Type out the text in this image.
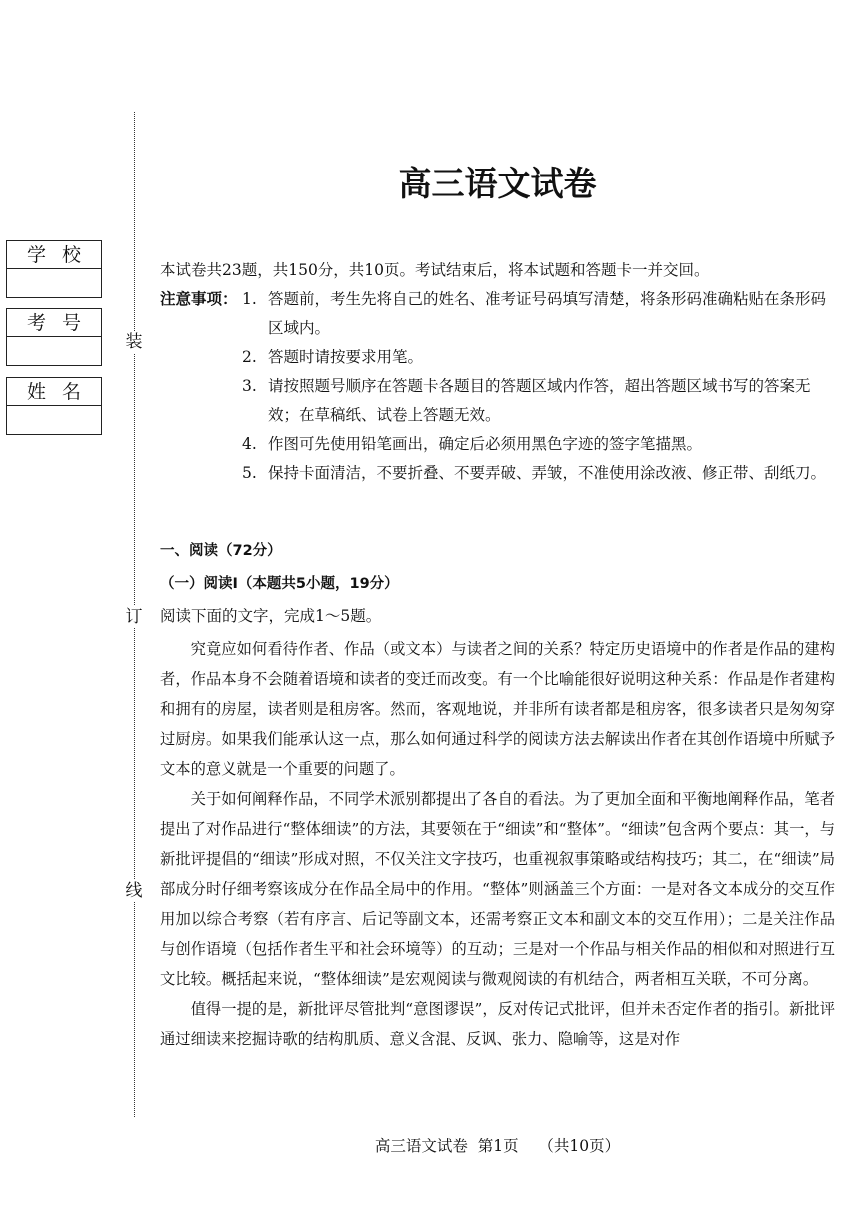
学校
考号
姓名
装
订
线
高三语文试卷
本试卷共23题，共150分，共10页。考试结束后，将本试题和答题卡一并交回。
注意事项： 1. 答题前，考生先将自己的姓名、准考证号码填写清楚，将条形码准确粘贴在条形码区域内。
2. 答题时请按要求用笔。
3. 请按照题号顺序在答题卡各题目的答题区域内作答，超出答题区域书写的答案无效；在草稿纸、试卷上答题无效。
4. 作图可先使用铅笔画出，确定后必须用黑色字迹的签字笔描黑。
5. 保持卡面清洁，不要折叠、不要弄破、弄皱，不准使用涂改液、修正带、刮纸刀。
一、阅读（72分）
（一）阅读Ⅰ（本题共5小题，19分）
阅读下面的文字，完成1～5题。

究竟应如何看待作者、作品（或文本）与读者之间的关系？特定历史语境中的作者是作品的建构者，作品本身不会随着语境和读者的变迁而改变。有一个比喻能很好说明这种关系：作品是作者建构和拥有的房屋，读者则是租房客。然而，客观地说，并非所有读者都是租房客，很多读者只是匆匆穿过厨房。如果我们能承认这一点，那么如何通过科学的阅读方法去解读出作者在其创作语境中所赋予文本的意义就是一个重要的问题了。

关于如何阐释作品，不同学术派别都提出了各自的看法。为了更加全面和平衡地阐释作品，笔者提出了对作品进行“整体细读”的方法，其要领在于“细读”和“整体”。“细读”包含两个要点：其一，与新批评提倡的“细读”形成对照，不仅关注文字技巧，也重视叙事策略或结构技巧；其二，在“细读”局部成分时仔细考察该成分在作品全局中的作用。“整体”则涵盖三个方面：一是对各文本成分的交互作用加以综合考察（若有序言、后记等副文本，还需考察正文本和副文本的交互作用）；二是关注作品与创作语境（包括作者生平和社会环境等）的互动；三是对一个作品与相关作品的相似和对照进行互文比较。概括起来说，“整体细读”是宏观阅读与微观阅读的有机结合，两者相互关联，不可分离。

值得一提的是，新批评尽管批判“意图谬误”，反对传记式批评，但并未否定作者的指引。新批评通过细读来挖掘诗歌的结构肌质、意义含混、反讽、张力、隐喻等，这是对作

高三语文试卷 第1页 （共10页）
